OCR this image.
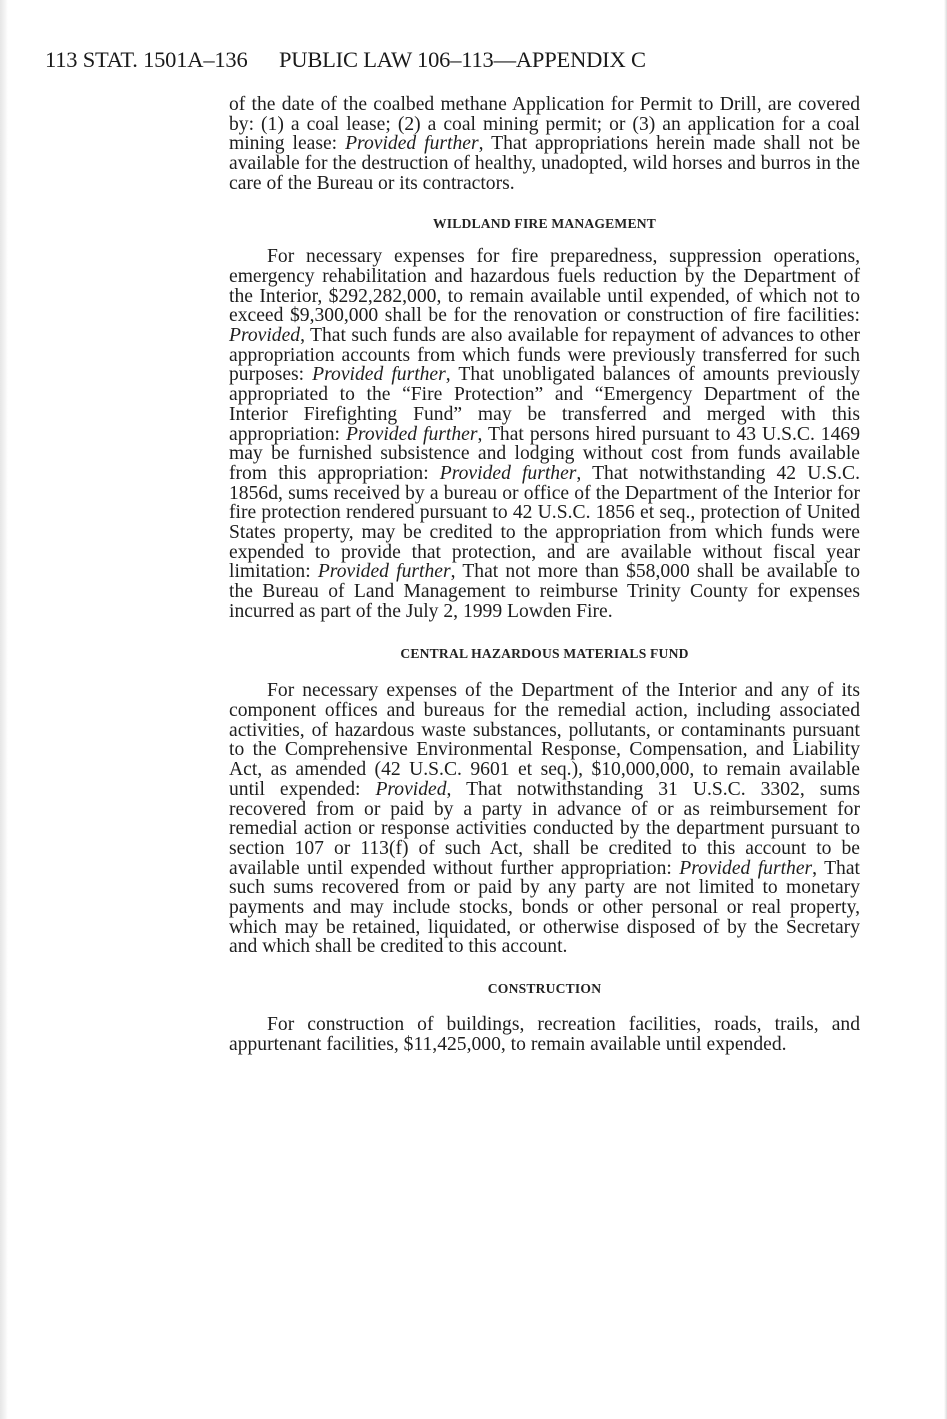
113 STAT. 1501A–136 PUBLIC LAW 106–113—APPENDIX C

of the date of the coalbed methane Application for Permit to Drill, are covered by: (1) a coal lease; (2) a coal mining permit; or (3) an application for a coal mining lease: Provided further, That appropriations herein made shall not be available for the destruction of healthy, unadopted, wild horses and burros in the care of the Bureau or its contractors.

WILDLAND FIRE MANAGEMENT

For necessary expenses for fire preparedness, suppression operations, emergency rehabilitation and hazardous fuels reduction by the Department of the Interior, $292,282,000, to remain available until expended, of which not to exceed $9,300,000 shall be for the renovation or construction of fire facilities: Provided, That such funds are also available for repayment of advances to other appropriation accounts from which funds were previously transferred for such purposes: Provided further, That unobligated balances of amounts previously appropriated to the “Fire Protection” and “Emergency Department of the Interior Firefighting Fund” may be transferred and merged with this appropriation: Provided further, That persons hired pursuant to 43 U.S.C. 1469 may be furnished subsistence and lodging without cost from funds available from this appropriation: Provided further, That notwithstanding 42 U.S.C. 1856d, sums received by a bureau or office of the Department of the Interior for fire protection rendered pursuant to 42 U.S.C. 1856 et seq., protection of United States property, may be credited to the appropriation from which funds were expended to provide that protection, and are available without fiscal year limitation: Provided further, That not more than $58,000 shall be available to the Bureau of Land Management to reimburse Trinity County for expenses incurred as part of the July 2, 1999 Lowden Fire.

CENTRAL HAZARDOUS MATERIALS FUND

For necessary expenses of the Department of the Interior and any of its component offices and bureaus for the remedial action, including associated activities, of hazardous waste substances, pollutants, or contaminants pursuant to the Comprehensive Environmental Response, Compensation, and Liability Act, as amended (42 U.S.C. 9601 et seq.), $10,000,000, to remain available until expended: Provided, That notwithstanding 31 U.S.C. 3302, sums recovered from or paid by a party in advance of or as reimbursement for remedial action or response activities conducted by the department pursuant to section 107 or 113(f) of such Act, shall be credited to this account to be available until expended without further appropriation: Provided further, That such sums recovered from or paid by any party are not limited to monetary payments and may include stocks, bonds or other personal or real property, which may be retained, liquidated, or otherwise disposed of by the Secretary and which shall be credited to this account.

CONSTRUCTION

For construction of buildings, recreation facilities, roads, trails, and appurtenant facilities, $11,425,000, to remain available until expended.
